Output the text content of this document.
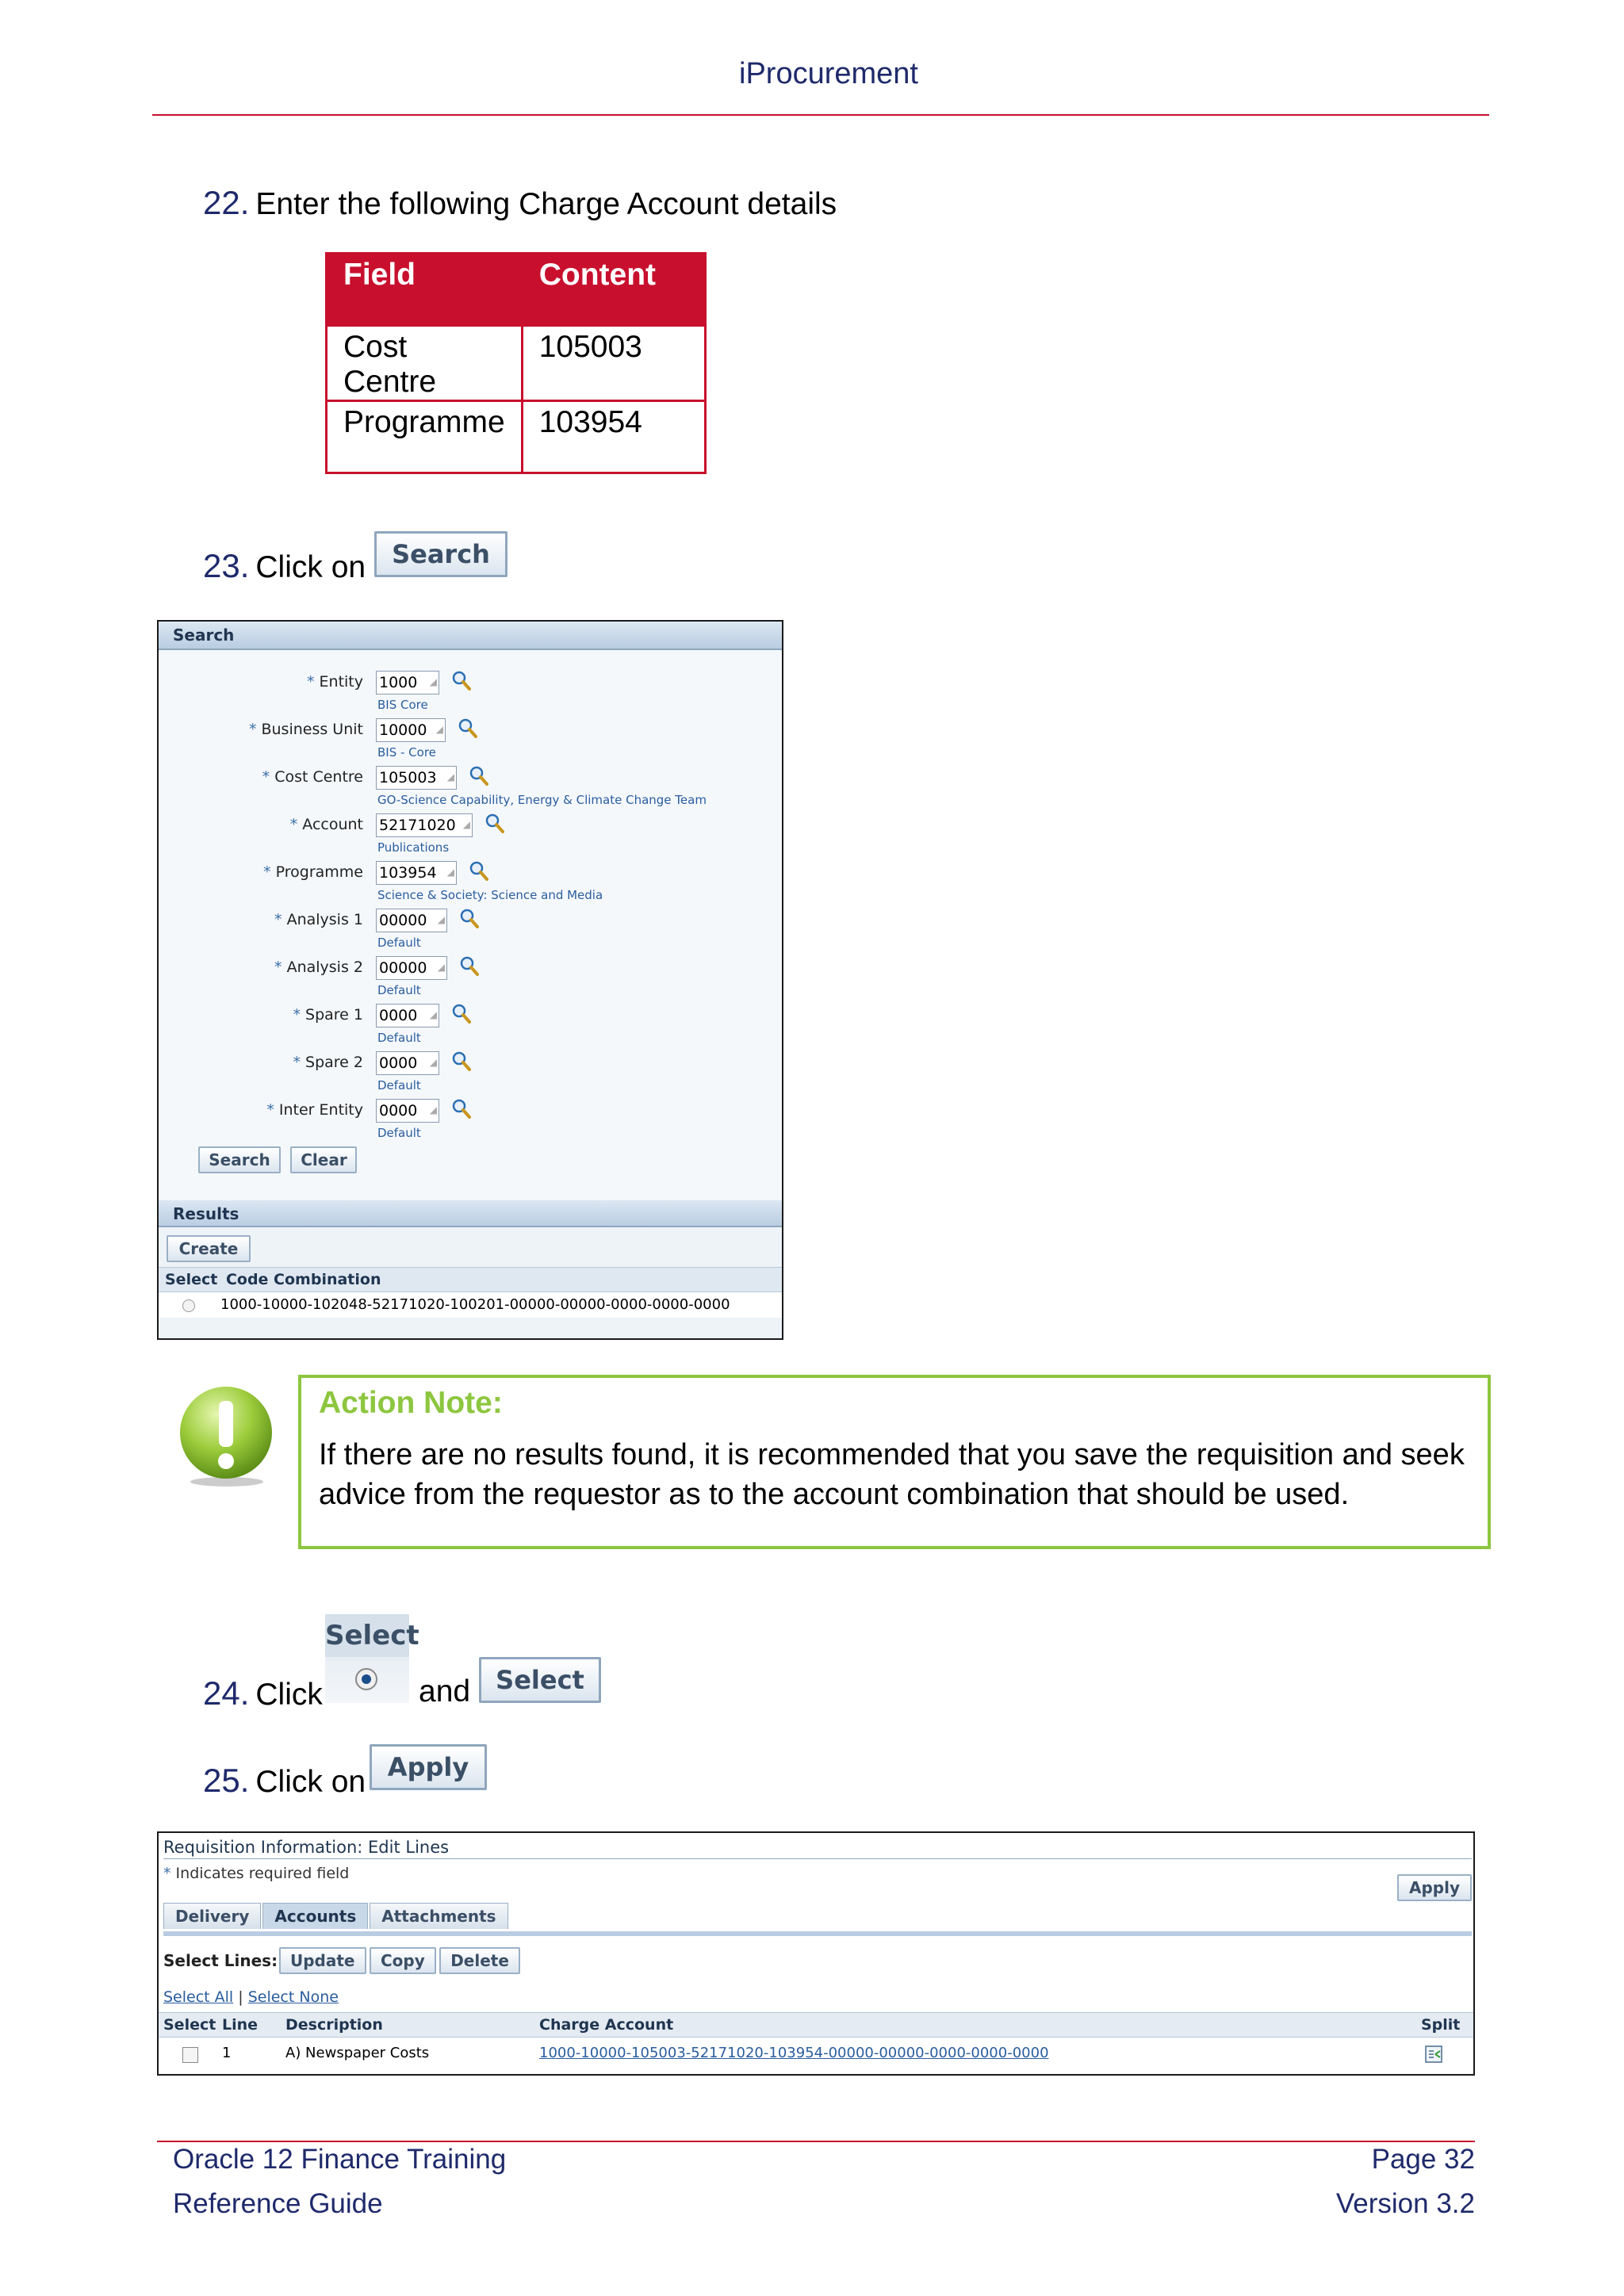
iProcurement
22. Enter the following Charge Account details
Field	Content
Cost Centre	105003
Programme	103954
23. Click on	Search
Search
* Entity 1000 ◢
BIS Core
* Business Unit 10000 ◢
BIS - Core
* Cost Centre 105003 ◢
GO-Science Capability, Energy & Climate Change Team
* Account 52171020 ◢
Publications
* Programme 103954 ◢
Science & Society: Science and Media
* Analysis 1 00000 ◢
Default
* Analysis 2 00000 ◢
Default
* Spare 1 0000 ◢
Default
* Spare 2 0000 ◢
Default
* Inter Entity 0000 ◢
Default
Search Clear
Results
Create
Select Code Combination
1000-10000-102048-52171020-100201-00000-00000-0000-0000-0000
Action Note:
If there are no results found, it is recommended that you save the requisition and seek advice from the requestor as to the account combination that should be used.
Select
24. Click	and	Select
25. Click on Apply
Requisition Information: Edit Lines
* Indicates required field
Apply
Delivery Accounts Attachments
Select Lines: Update Copy Delete
Select All | Select None
Select Line Description	Charge Account	Split
1	A) Newspaper Costs	1000-10000-105003-52171020-103954-00000-00000-0000-0000-0000
Oracle 12 Finance Training
Reference Guide
Page 32
Version 3.2
